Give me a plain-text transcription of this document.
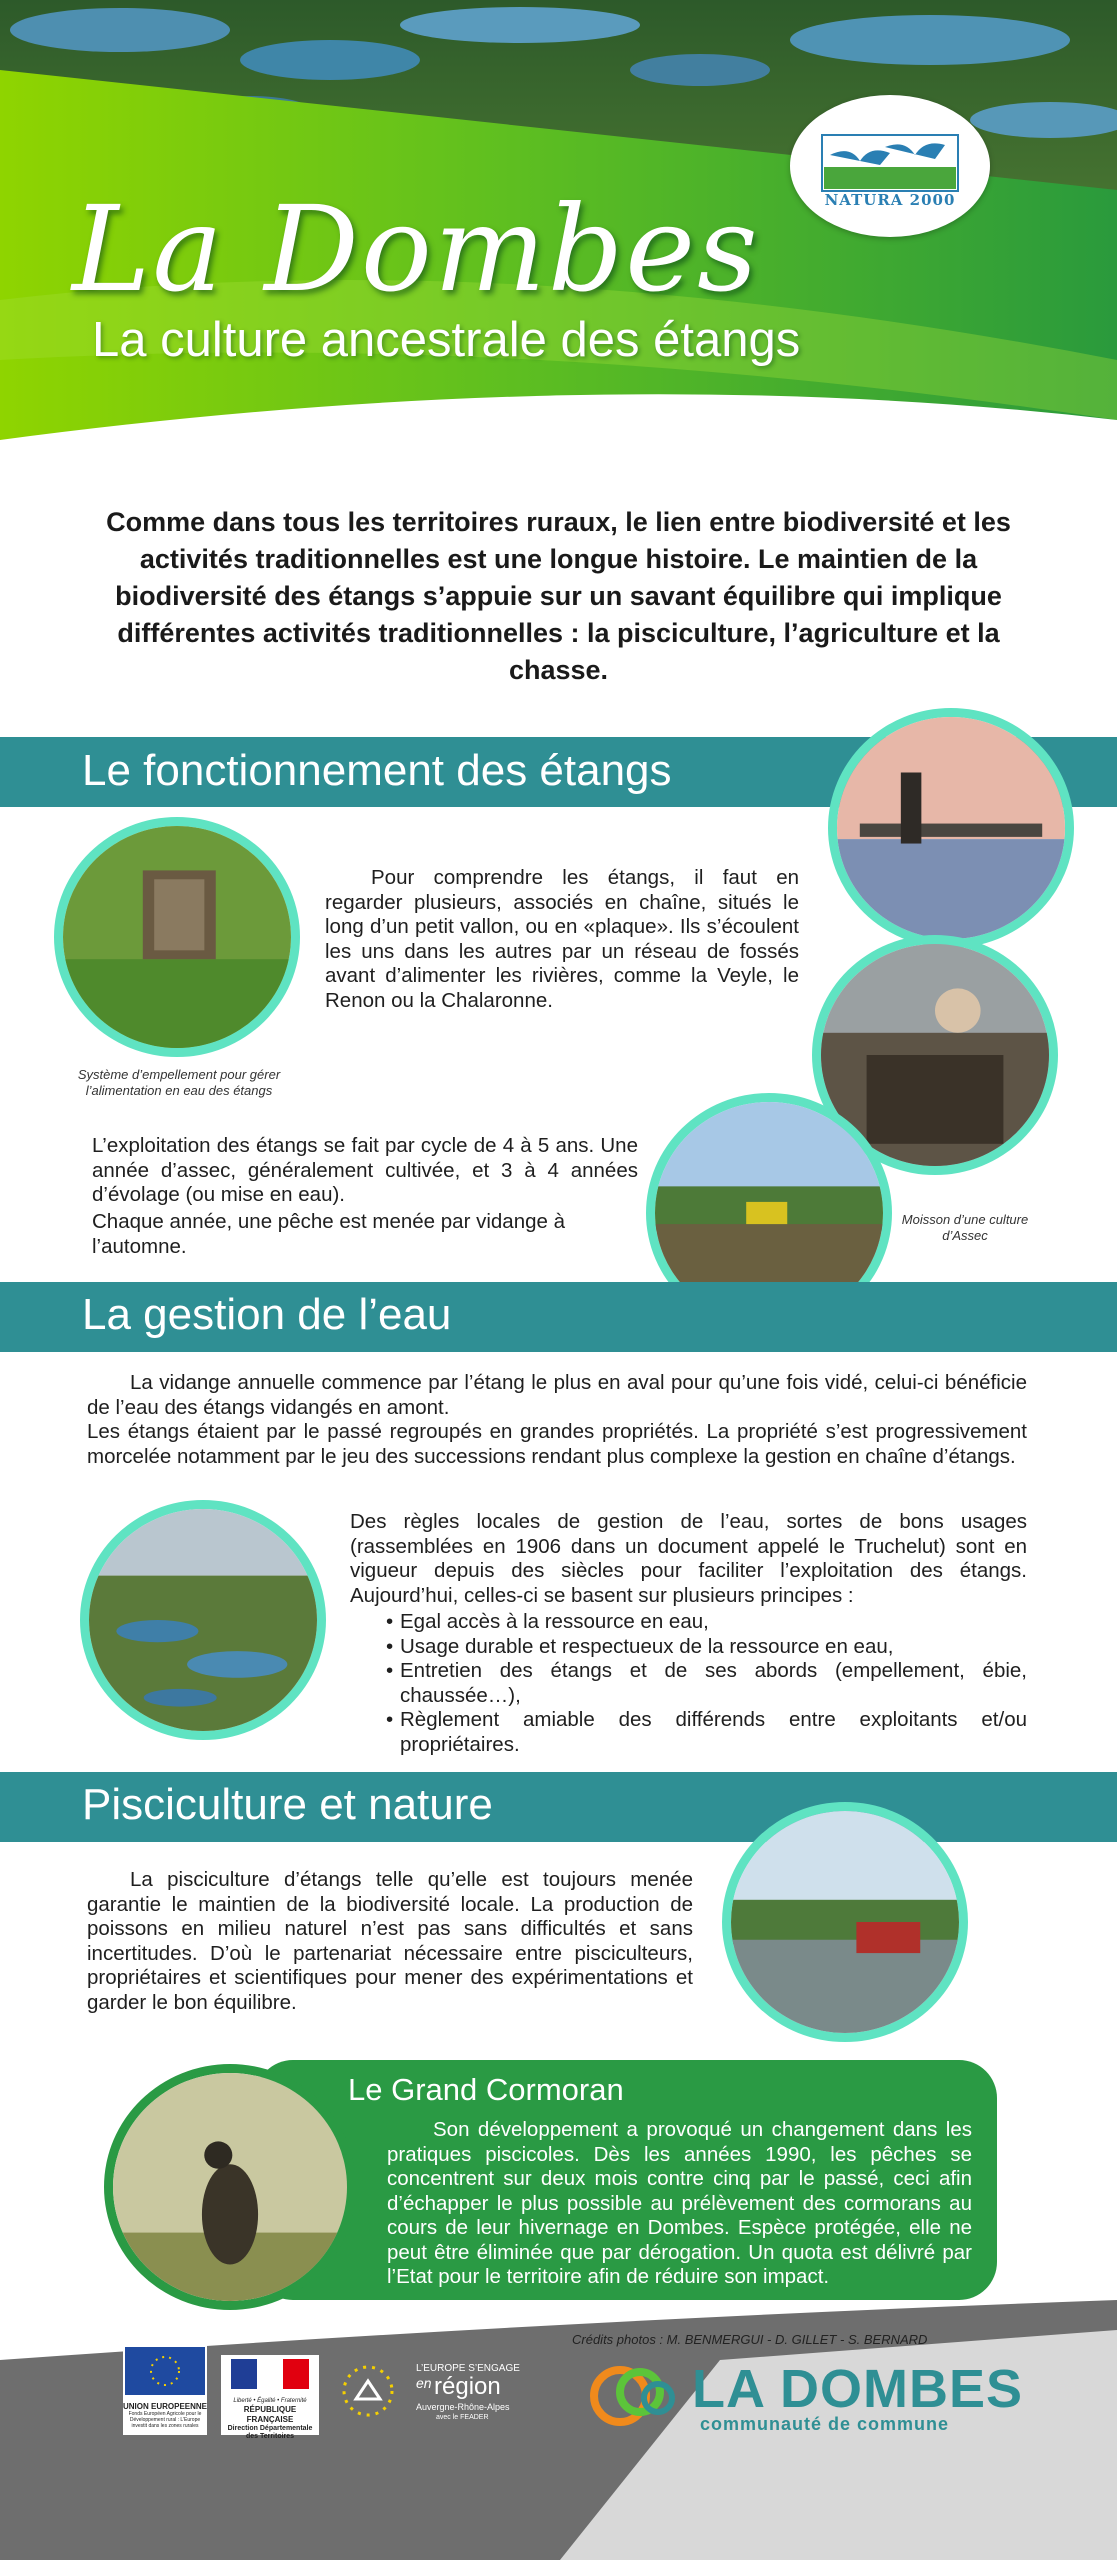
NATURA 2000
La Dombes
La culture ancestrale des étangs
Comme dans tous les territoires ruraux, le lien entre biodiversité et les activités traditionnelles est une longue histoire. Le maintien de la biodiversité des étangs s’appuie sur un savant équilibre qui implique différentes activités traditionnelles : la pisciculture, l’agriculture et la chasse.
Le fonctionnement des étangs
Système d’empellement pour gérer l’alimentation en eau des étangs
Pour comprendre les étangs, il faut en regarder plusieurs, associés en chaîne, situés le long d’un petit vallon, ou en «plaque». Ils s’écoulent les uns dans les autres par un réseau de fossés avant d’alimenter les rivières, comme la Veyle, le Renon ou la Chalaronne.
L’exploitation des étangs se fait par cycle de 4 à 5 ans. Une année d’assec, généralement cultivée, et 3 à 4 années d’évolage (ou mise en eau).
Chaque année, une pêche est menée par vidange à l’automne.
Moisson d’une culture d’Assec
La gestion de l’eau
La vidange annuelle commence par l’étang le plus en aval pour qu’une fois vidé, celui-ci bénéficie de l’eau des étangs vidangés en amont.
Les étangs étaient par le passé regroupés en grandes propriétés. La propriété s’est progressivement morcelée notamment par le jeu des successions rendant plus complexe la gestion en chaîne d’étangs.
Des règles locales de gestion de l’eau, sortes de bons usages (rassemblées en 1906 dans un document appelé le Truchelut) sont en vigueur depuis des siècles pour faciliter l’exploitation des étangs. Aujourd’hui, celles-ci se basent sur plusieurs principes :
• Egal accès à la ressource en eau,
• Usage durable et respectueux de la ressource en eau,
• Entretien des étangs et de ses abords (empellement, ébie, chaussée…),
• Règlement amiable des différends entre exploitants et/ou propriétaires.
Pisciculture et nature
La pisciculture d’étangs telle qu’elle est toujours menée garantie le maintien de la biodiversité locale. La production de poissons en milieu naturel n’est pas sans difficultés et sans incertitudes. D’où le partenariat nécessaire entre pisciculteurs, propriétaires et scientifiques pour mener des expérimentations et garder le bon équilibre.
Le Grand Cormoran
Son développement a provoqué un changement dans les pratiques piscicoles. Dès les années 1990, les pêches se concentrent sur deux mois contre cinq par le passé, ceci afin d’échapper le plus possible au prélèvement des cormorans au cours de leur hivernage en Dombes. Espèce protégée, elle ne peut être éliminée que par dérogation. Un quota est délivré par l’Etat pour le territoire afin de réduire son impact.
Crédits photos : M. BENMERGUI - D. GILLET - S. BERNARD
UNION EUROPEENNE
Fonds Européen Agricole pour le Développement rural : L’Europe investit dans les zones rurales
Liberté • Égalité • Fraternité
RÉPUBLIQUE FRANÇAISE
Direction Départementale des Territoires
L’EUROPE S’ENGAGE
en région
Auvergne-Rhône-Alpes
avec le FEADER	LA DOMBES
communauté de commune
